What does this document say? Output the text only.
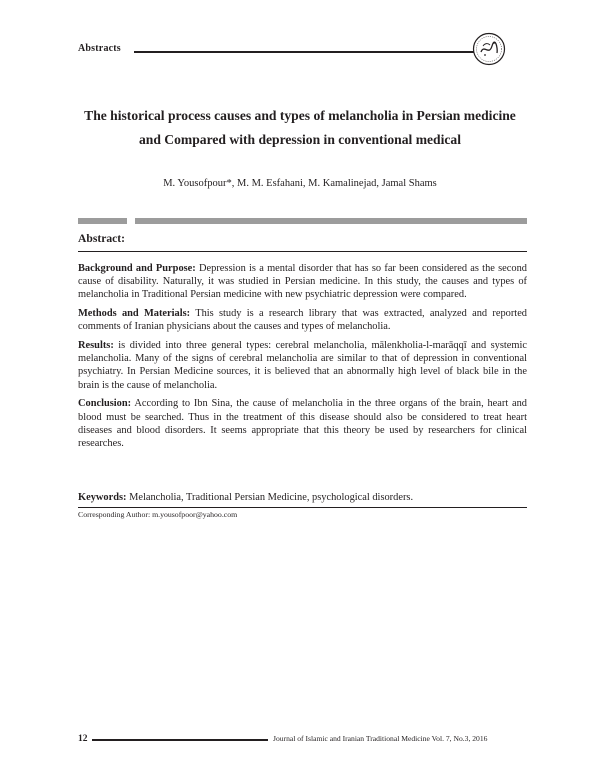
Abstracts
The historical process causes and types of melancholia in Persian medicine
and Compared with depression in conventional medical
M. Yousofpour*, M. M. Esfahani, M. Kamalinejad, Jamal Shams
Abstract:

Background and Purpose: Depression is a mental disorder that has so far been considered as the second cause of disability. Naturally, it was studied in Persian medicine. In this study, the causes and types of melancholia in Traditional Persian medicine with new psychiatric depression were compared.

Methods and Materials: This study is a research library that was extracted, analyzed and reported comments of Iranian physicians about the causes and types of melancholia.

Results: is divided into three general types: cerebral melancholia, mālenkholia-l-marāqqī and systemic melancholia. Many of the signs of cerebral melancholia are similar to that of depression in conventional psychiatry. In Persian Medicine sources, it is believed that an abnormally high level of black bile in the brain is the cause of melancholia.

Conclusion: According to Ibn Sina, the cause of melancholia in the three organs of the brain, heart and blood must be searched. Thus in the treatment of this disease should also be considered to treat heart diseases and blood disorders. It seems appropriate that this theory be used by researchers for clinical researches.

Keywords: Melancholia, Traditional Persian Medicine, psychological disorders.
Corresponding Author: m.yousofpoor@yahoo.com
12	Journal of Islamic and Iranian Traditional Medicine Vol. 7, No.3, 2016
